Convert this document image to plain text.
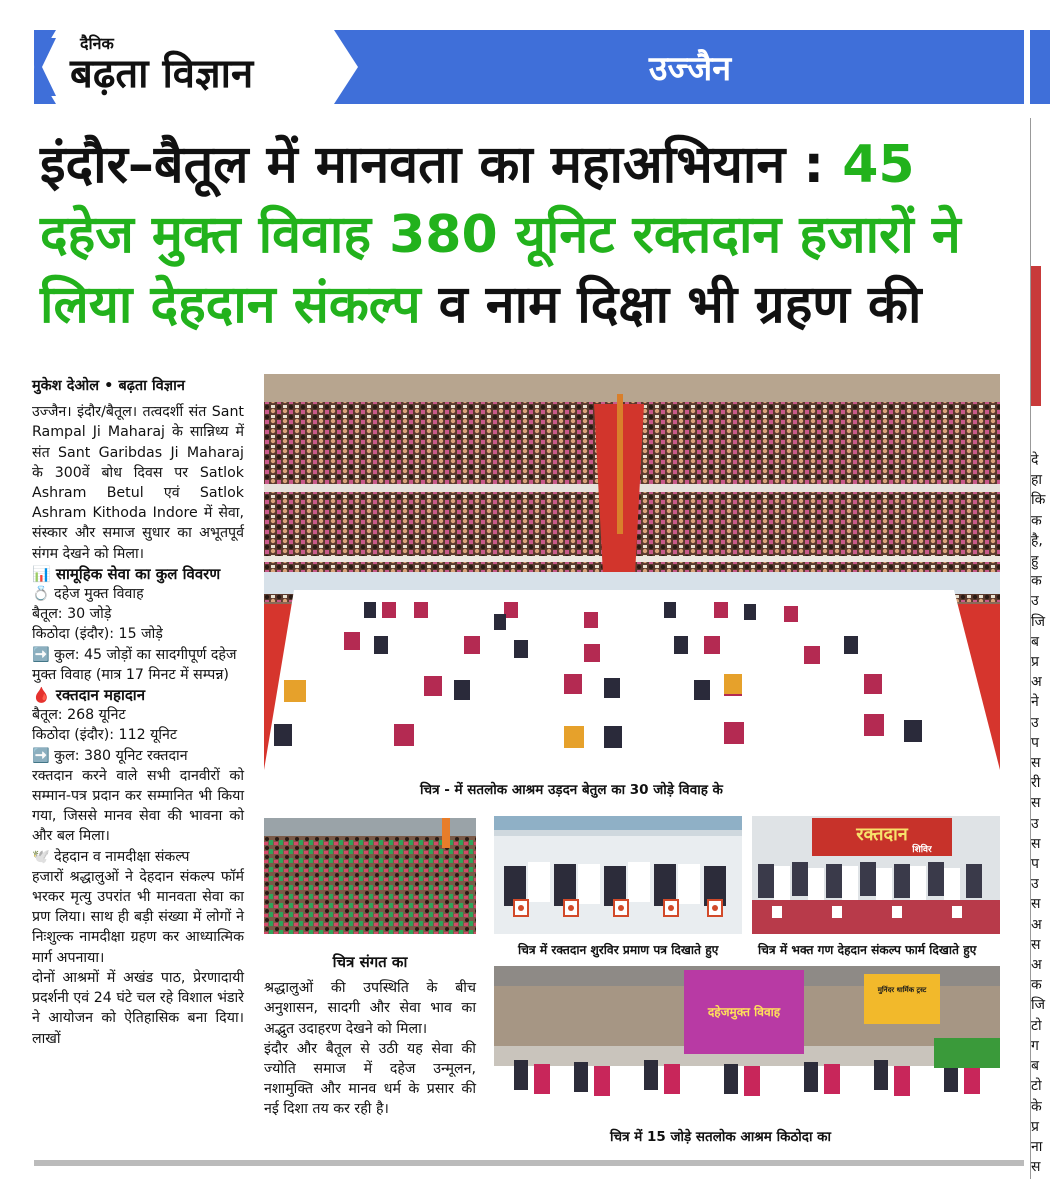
दैनिक
बढ़ता विज्ञान	उज्जैन
इंदौर–बैतूल में मानवता का महाअभियान : 45 दहेज मुक्त विवाह 380 यूनिट रक्तदान हजारों ने लिया देहदान संकल्प व नाम दिक्षा भी ग्रहण की

मुकेश देओल • बढ़ता विज्ञान

उज्जैन। इंदौर/बैतूल। तत्वदर्शी संत Sant Rampal Ji Maharaj के सान्निध्य में संत Sant Garibdas Ji Maharaj के 300वें बोध दिवस पर Satlok Ashram Betul एवं Satlok Ashram Kithoda Indore में सेवा, संस्कार और समाज सुधार का अभूतपूर्व संगम देखने को मिला।

📊 सामूहिक सेवा का कुल विवरण

💍 दहेज मुक्त विवाह

बैतूल: 30 जोड़े

किठोदा (इंदौर): 15 जोड़े

➡️ कुल: 45 जोड़ों का सादगीपूर्ण दहेज मुक्त विवाह (मात्र 17 मिनट में सम्पन्न)

🩸 रक्तदान महादान

बैतूल: 268 यूनिट

किठोदा (इंदौर): 112 यूनिट

➡️ कुल: 380 यूनिट रक्तदान

रक्तदान करने वाले सभी दानवीरों को सम्मान-पत्र प्रदान कर सम्मानित भी किया गया, जिससे मानव सेवा की भावना को और बल मिला।

🕊️ देहदान व नामदीक्षा संकल्प

हजारों श्रद्धालुओं ने देहदान संकल्प फॉर्म भरकर मृत्यु उपरांत भी मानवता सेवा का प्रण लिया। साथ ही बड़ी संख्या में लोगों ने निःशुल्क नामदीक्षा ग्रहण कर आध्यात्मिक मार्ग अपनाया।

दोनों आश्रमों में अखंड पाठ, प्रेरणादायी प्रदर्शनी एवं 24 घंटे चल रहे विशाल भंडारे ने आयोजन को ऐतिहासिक बना दिया। लाखों

चित्र - में सतलोक आश्रम उड़दन बेतुल का 30 जोड़े विवाह के

चित्र संगत का

श्रद्धालुओं की उपस्थिति के बीच अनुशासन, सादगी और सेवा भाव का अद्भुत उदाहरण देखने को मिला।

इंदौर और बैतूल से उठी यह सेवा की ज्योति समाज में दहेज उन्मूलन, नशामुक्ति और मानव धर्म के प्रसार की नई दिशा तय कर रही है।

चित्र में रक्तदान शुरविर प्रमाण पत्र दिखाते हुए
रक्तदान
शिविर
चित्र में भक्त गण देहदान संकल्प फार्म दिखाते हुए
दहेजमुक्त विवाह
मुनिंदर धार्मिक ट्रस्ट
चित्र में 15 जोड़े सतलोक आश्रम किठोदा का
दे
हा
कि
क
है,
हु
क
उ
जि
ब
प्र
अ
ने
उ
प
स
री
स
उ
स
प
उ
स
अ
स
अ
क
जि
टो
ग
ब
टो
के
प्र
ना
स
